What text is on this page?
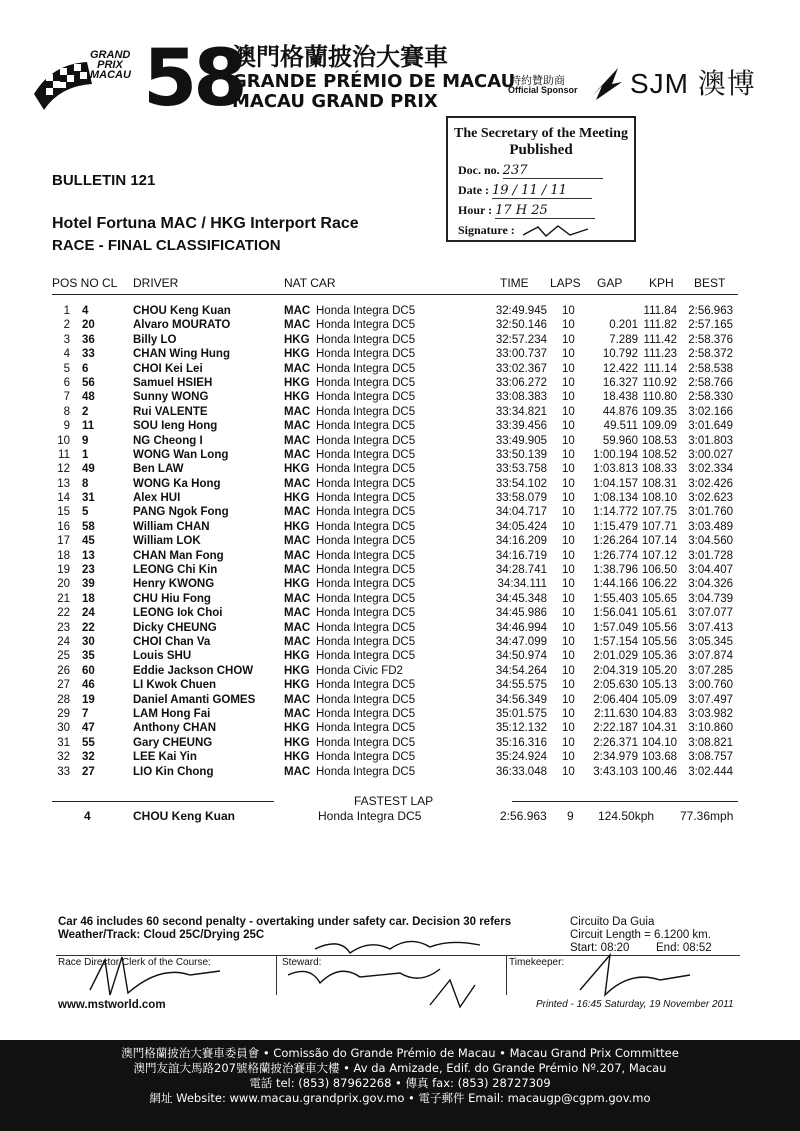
GRAND PRIX MACAU 58
澳門格蘭披治大賽車
GRANDE PRÉMIO DE MACAU
MACAU GRAND PRIX
特約贊助商
Official Sponsor SJM 澳博
The Secretary of the Meeting
Published
Doc. no. 237
Date : 19 / 11 / 11
Hour : 17 H 25
Signature :
BULLETIN 121
Hotel Fortuna MAC / HKG Interport Race
RACE - FINAL CLASSIFICATION
POS NO CL DRIVER	NAT CAR	TIME LAPS GAP KPH BEST
1 4	CHOU Keng Kuan	MAC Honda Integra DC5	32:49.945 10	111.84 2:56.963
2 20	Alvaro MOURATO	MAC Honda Integra DC5	32:50.146 10	0.201 111.82 2:57.165
3 36	Billy LO	HKG Honda Integra DC5	32:57.234 10	7.289 111.42 2:58.376
4 33	CHAN Wing Hung	HKG Honda Integra DC5	33:00.737 10	10.792 111.23 2:58.372
5 6	CHOI Kei Lei	MAC Honda Integra DC5	33:02.367 10	12.422 111.14 2:58.538
6 56	Samuel HSIEH	HKG Honda Integra DC5	33:06.272 10	16.327 110.92 2:58.766
7 48	Sunny WONG	HKG Honda Integra DC5	33:08.383 10	18.438 110.80 2:58.330
8 2	Rui VALENTE	MAC Honda Integra DC5	33:34.821 10	44.876 109.35 3:02.166
9 11	SOU Ieng Hong	MAC Honda Integra DC5	33:39.456 10	49.511 109.09 3:01.649
10 9	NG Cheong I	MAC Honda Integra DC5	33:49.905 10	59.960 108.53 3:01.803
11 1	WONG Wan Long	MAC Honda Integra DC5	33:50.139 10	1:00.194 108.52 3:00.027
12 49	Ben LAW	HKG Honda Integra DC5	33:53.758 10	1:03.813 108.33 3:02.334
13 8	WONG Ka Hong	MAC Honda Integra DC5	33:54.102 10	1:04.157 108.31 3:02.426
14 31	Alex HUI	HKG Honda Integra DC5	33:58.079 10	1:08.134 108.10 3:02.623
15 5	PANG Ngok Fong	MAC Honda Integra DC5	34:04.717 10	1:14.772 107.75 3:01.760
16 58	William CHAN	HKG Honda Integra DC5	34:05.424 10	1:15.479 107.71 3:03.489
17 45	William LOK	MAC Honda Integra DC5	34:16.209 10	1:26.264 107.14 3:04.560
18 13	CHAN Man Fong	MAC Honda Integra DC5	34:16.719 10	1:26.774 107.12 3:01.728
19 23	LEONG Chi Kin	MAC Honda Integra DC5	34:28.741 10	1:38.796 106.50 3:04.407
20 39	Henry KWONG	HKG Honda Integra DC5	34:34.111 10	1:44.166 106.22 3:04.326
21 18	CHU Hiu Fong	MAC Honda Integra DC5	34:45.348 10	1:55.403 105.65 3:04.739
22 24	LEONG Iok Choi	MAC Honda Integra DC5	34:45.986 10	1:56.041 105.61 3:07.077
23 22	Dicky CHEUNG	MAC Honda Integra DC5	34:46.994 10	1:57.049 105.56 3:07.413
24 30	CHOI Chan Va	MAC Honda Integra DC5	34:47.099 10	1:57.154 105.56 3:05.345
25 35	Louis SHU	HKG Honda Integra DC5	34:50.974 10	2:01.029 105.36 3:07.874
26 60	Eddie Jackson CHOW	HKG Honda Civic FD2	34:54.264 10	2:04.319 105.20 3:07.285
27 46	LI Kwok Chuen	HKG Honda Integra DC5	34:55.575 10	2:05.630 105.13 3:00.760
28 19	Daniel Amanti GOMES MAC Honda Integra DC5	34:56.349 10	2:06.404 105.09 3:07.497
29 7	LAM Hong Fai	MAC Honda Integra DC5	35:01.575 10	2:11.630 104.83 3:03.982
30 47	Anthony CHAN	HKG Honda Integra DC5	35:12.132 10	2:22.187 104.31 3:10.860
31 55	Gary CHEUNG	HKG Honda Integra DC5	35:16.316 10	2:26.371 104.10 3:08.821
32 32	LEE Kai Yin	HKG Honda Integra DC5	35:24.924 10	2:34.979 103.68 3:08.757
33 27	LIO Kin Chong	MAC Honda Integra DC5	36:33.048 10	3:43.103 100.46 3:02.444
FASTEST LAP
4	CHOU Keng Kuan	Honda Integra DC5	2:56.963 9 124.50kph 77.36mph
Car 46 includes 60 second penalty - overtaking under safety car. Decision 30 refers
Weather/Track: Cloud 25C/Drying 25C
Circuito Da Guia
Circuit Length = 6.1200 km.
Start: 08:20 End: 08:52
Race Director/Clerk of the Course:	Steward:	Timekeeper:
www.mstworld.com	Printed - 16:45 Saturday, 19 November 2011
澳門格蘭披治大賽車委員會 • Comissão do Grande Prémio de Macau • Macau Grand Prix Committee
澳門友誼大馬路207號格蘭披治賽車大樓 • Av da Amizade, Edif. do Grande Prémio Nº.207, Macau
電話 tel: (853) 87962268 • 傳真 fax: (853) 28727309
網址 Website: www.macau.grandprix.gov.mo • 電子郵件 Email: macaugp@cgpm.gov.mo
